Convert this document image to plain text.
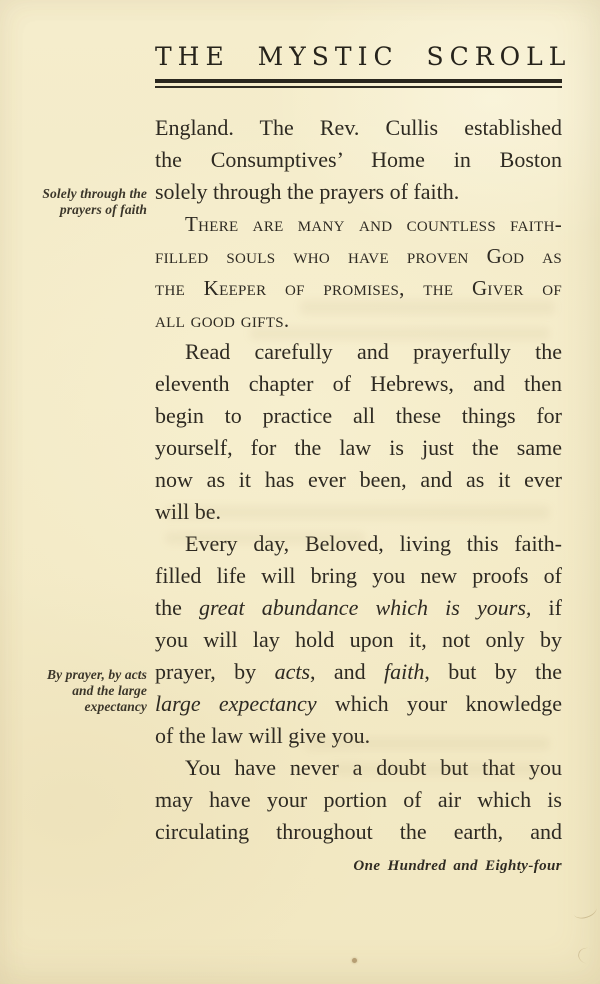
THE MYSTIC SCROLL
England. The Rev. Cullis established
the Consumptives’ Home in Boston
solely through the prayers of faith.
There are many and countless faith-
filled souls who have proven God as
the Keeper of promises, the Giver of
all good gifts.
Read carefully and prayerfully the
eleventh chapter of Hebrews, and then
begin to practice all these things for
yourself, for the law is just the same
now as it has ever been, and as it ever
will be.
Every day, Beloved, living this faith-
filled life will bring you new proofs of
the great abundance which is yours, if
you will lay hold upon it, not only by
prayer, by acts, and faith, but by the
large expectancy which your knowledge
of the law will give you.
You have never a doubt but that you
may have your portion of air which is
circulating throughout the earth, and
One Hundred and Eighty-four
Solely through the
prayers of faith
By prayer, by acts
and the large
expectancy
